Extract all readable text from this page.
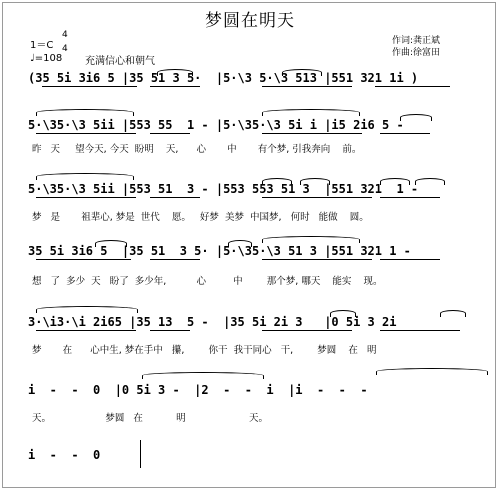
梦圆在明天
1＝C
4
4
♩=108 充满信心和朝气
作词:龚正斌
作曲:徐富田
(35 5i 3i6 5 |35 51 3 5·  |5·\3 5·\3 513 |551 321 1i )
5·\35·\3 5ii |553 55  1 - |5·\35·\3 5i i |i5 2i6 5 -
昨   天     望今天, 今天  盼明    天,      心       中       有个梦, 引我奔向    前。
5·\35·\3 5ii |553 51  3 - |553 553 51 3  |551 321  1 -
梦   是       祖辈心, 梦是  世代    愿。   好梦  美梦  中国梦,   何时   能做    圆。
35 5i 3i6 5  |35 51  3 5· |5·\35·\3 51 3 |551 321 1 -
想   了  多少  天   盼了  多少年,          心         中        那个梦, 哪天    能实    现。
3·\i3·\i 2i65 |35 13  5 -  |35 5i 2i 3   |0 5i 3 2i
梦       在      心中生, 梦在手中   攥,        你干  我干同心   干,        梦圆    在   明
i  -  -  0  |0 5i 3 -  |2  -  -  i  |i  -  -  -
天。                  梦圆   在           明                     天。
i  -  -  0
